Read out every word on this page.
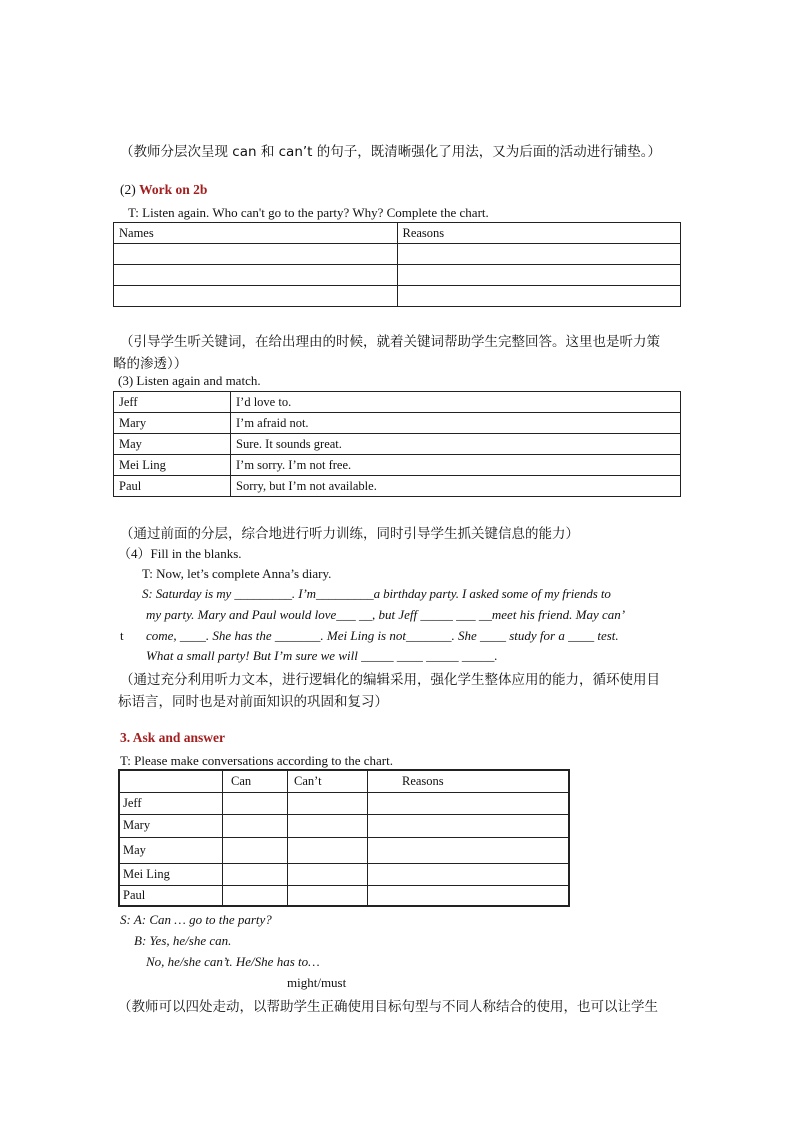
（教师分层次呈现 can 和 can’t 的句子，既清晰强化了用法，又为后面的活动进行铺垫。）
(2) Work on 2b
T: Listen again. Who can't go to the party? Why? Complete the chart.
Names	Reasons

（引导学生听关键词，在给出理由的时候，就着关键词帮助学生完整回答。这里也是听力策
略的渗透））
(3) Listen again and match.
Jeff	I’d love to.
Mary	I’m afraid not.
May	Sure. It sounds great.
Mei Ling	I’m sorry. I’m not free.
Paul	Sorry, but I’m not available.
（通过前面的分层，综合地进行听力训练，同时引导学生抓关键信息的能力）
（4）Fill in the blanks.
T: Now, let’s complete Anna’s diary.
S: Saturday is my _________. I’m_________a birthday party. I asked some of my friends to
my party. Mary and Paul would love___ __, but Jeff _____ ___ __meet his friend. May can’
t come, ____. She has the _______. Mei Ling is not_______. She ____ study for a ____ test.
What a small party! But I’m sure we will _____ ____ _____ _____.
（通过充分利用听力文本，进行逻辑化的编辑采用，强化学生整体应用的能力，循环使用目
标语言，同时也是对前面知识的巩固和复习）
3. Ask and answer
T: Please make conversations according to the chart.
	Can	Can’t	Reasons
Jeff			
Mary			
May			
Mei Ling			
Paul			
S: A: Can … go to the party?
B: Yes, he/she can.
No, he/she can’t. He/She has to…
might/must
（教师可以四处走动，以帮助学生正确使用目标句型与不同人称结合的使用，也可以让学生
